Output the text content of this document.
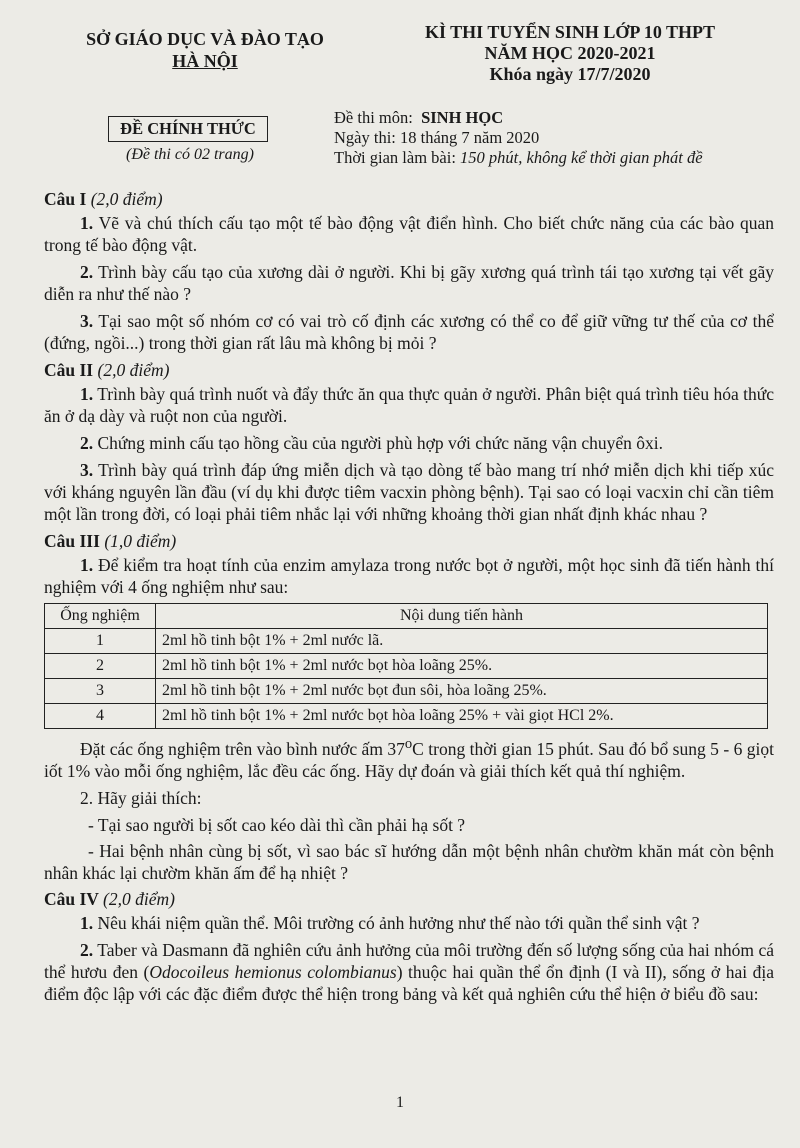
SỞ GIÁO DỤC VÀ ĐÀO TẠO
HÀ NỘI
KÌ THI TUYỂN SINH LỚP 10 THPT
NĂM HỌC 2020-2021
Khóa ngày 17/7/2020
ĐỀ CHÍNH THỨC
(Đề thi có 02 trang)
Đề thi môn: SINH HỌC
Ngày thi: 18 tháng 7 năm 2020
Thời gian làm bài: 150 phút, không kể thời gian phát đề
Câu I (2,0 điểm)

1. Vẽ và chú thích cấu tạo một tế bào động vật điển hình. Cho biết chức năng của các bào quan trong tế bào động vật.

2. Trình bày cấu tạo của xương dài ở người. Khi bị gãy xương quá trình tái tạo xương tại vết gãy diễn ra như thế nào ?

3. Tại sao một số nhóm cơ có vai trò cố định các xương có thể co để giữ vững tư thế của cơ thể (đứng, ngồi...) trong thời gian rất lâu mà không bị mỏi ?

Câu II (2,0 điểm)

1. Trình bày quá trình nuốt và đẩy thức ăn qua thực quản ở người. Phân biệt quá trình tiêu hóa thức ăn ở dạ dày và ruột non của người.

2. Chứng minh cấu tạo hồng cầu của người phù hợp với chức năng vận chuyển ôxi.

3. Trình bày quá trình đáp ứng miễn dịch và tạo dòng tế bào mang trí nhớ miễn dịch khi tiếp xúc với kháng nguyên lần đầu (ví dụ khi được tiêm vacxin phòng bệnh). Tại sao có loại vacxin chỉ cần tiêm một lần trong đời, có loại phải tiêm nhắc lại với những khoảng thời gian nhất định khác nhau ?

Câu III (1,0 điểm)

1. Để kiểm tra hoạt tính của enzim amylaza trong nước bọt ở người, một học sinh đã tiến hành thí nghiệm với 4 ống nghiệm như sau:

Ống nghiệm	Nội dung tiến hành
1	2ml hồ tinh bột 1% + 2ml nước lã.
2	2ml hồ tinh bột 1% + 2ml nước bọt hòa loãng 25%.
3	2ml hồ tinh bột 1% + 2ml nước bọt đun sôi, hòa loãng 25%.
4	2ml hồ tinh bột 1% + 2ml nước bọt hòa loãng 25% + vài giọt HCl 2%.

Đặt các ống nghiệm trên vào bình nước ấm 37$^o$C trong thời gian 15 phút. Sau đó bổ sung 5 - 6 giọt iốt 1% vào mỗi ống nghiệm, lắc đều các ống. Hãy dự đoán và giải thích kết quả thí nghiệm.

2. Hãy giải thích:

- Tại sao người bị sốt cao kéo dài thì cần phải hạ sốt ?

- Hai bệnh nhân cùng bị sốt, vì sao bác sĩ hướng dẫn một bệnh nhân chườm khăn mát còn bệnh nhân khác lại chườm khăn ấm để hạ nhiệt ?

Câu IV (2,0 điểm)

1. Nêu khái niệm quần thể. Môi trường có ảnh hưởng như thế nào tới quần thể sinh vật ?

2. Taber và Dasmann đã nghiên cứu ảnh hưởng của môi trường đến số lượng sống của hai nhóm cá thể hươu đen (Odocoileus hemionus colombianus) thuộc hai quần thể ổn định (I và II), sống ở hai địa điểm độc lập với các đặc điểm được thể hiện trong bảng và kết quả nghiên cứu thể hiện ở biểu đồ sau:

1
